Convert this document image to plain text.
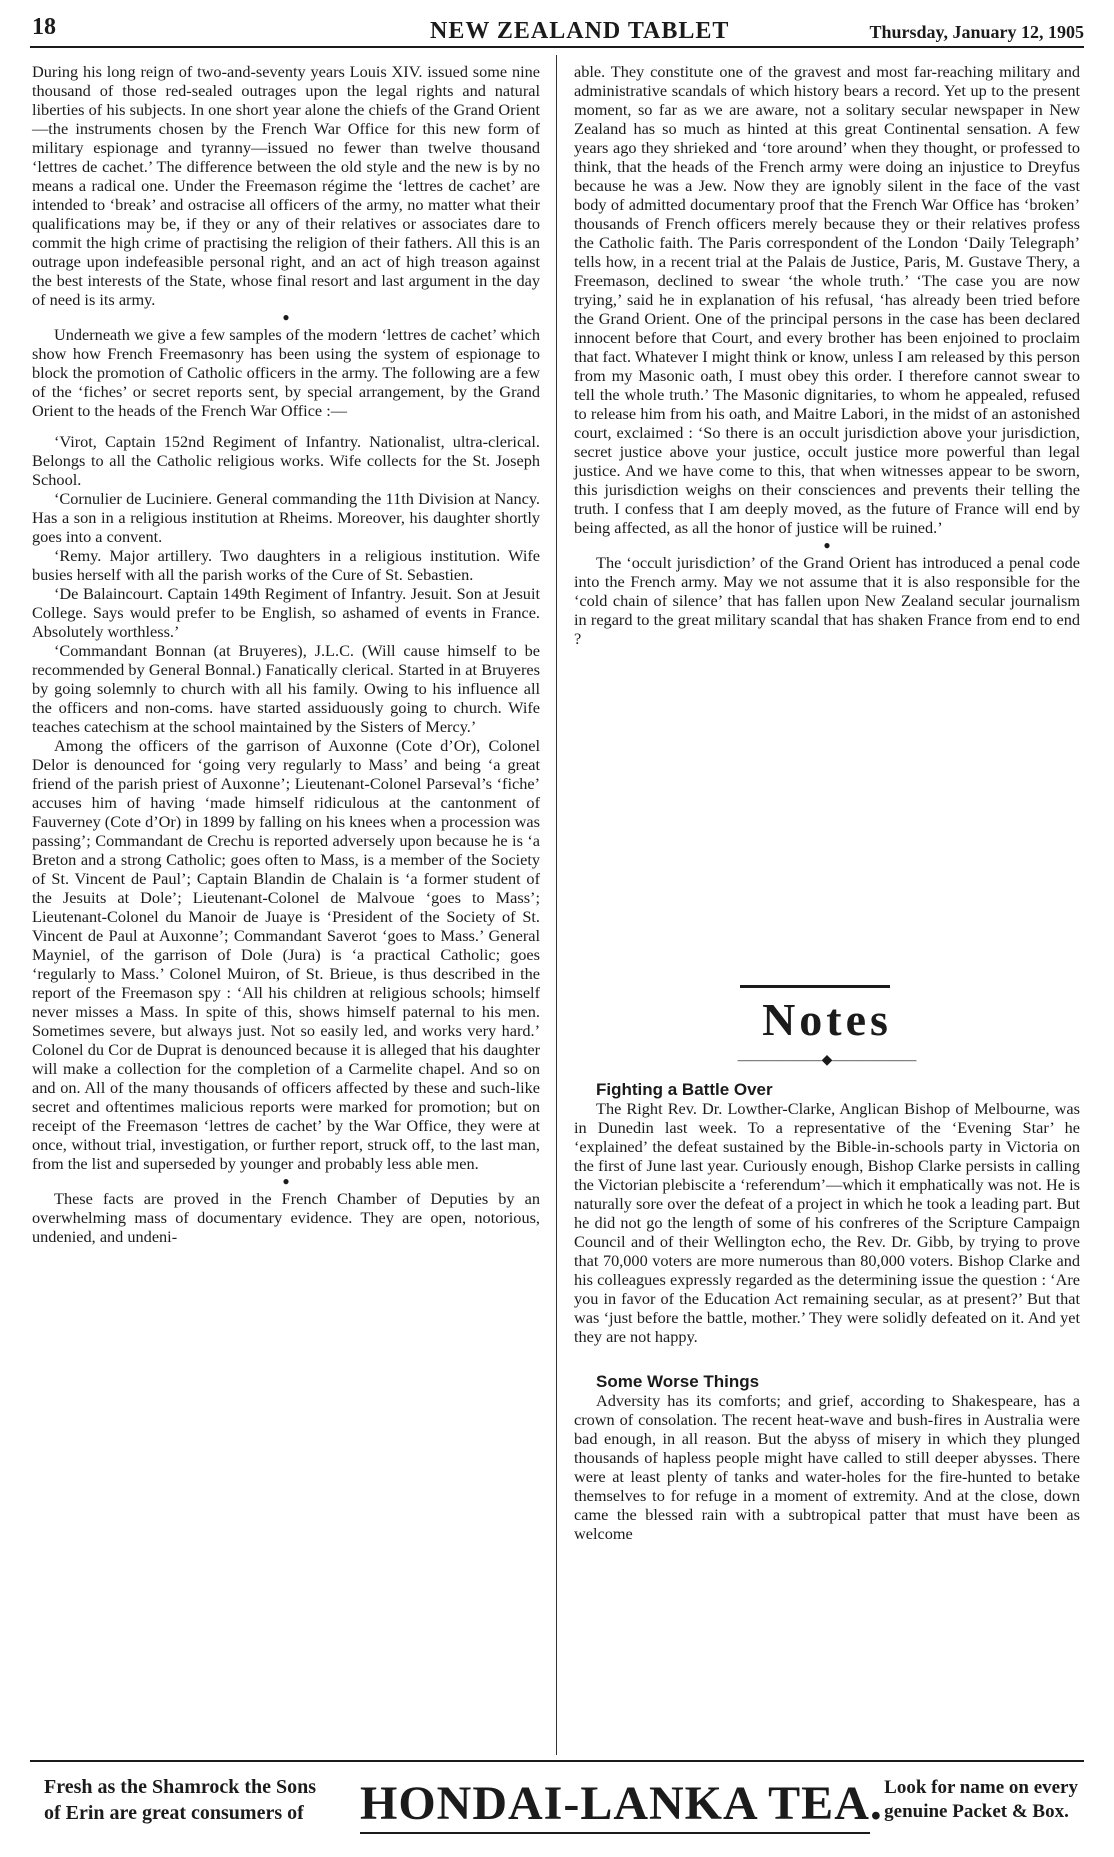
18	NEW ZEALAND TABLET	Thursday, January 12, 1905

During his long reign of two-and-seventy years Louis XIV. issued some nine thousand of those red-sealed outrages upon the legal rights and natural liberties of his subjects. In one short year alone the chiefs of the Grand Orient—the instruments chosen by the French War Office for this new form of military espionage and tyranny—issued no fewer than twelve thousand ‘lettres de cachet.’ The difference between the old style and the new is by no means a radical one. Under the Freemason régime the ‘lettres de cachet’ are intended to ‘break’ and ostracise all officers of the army, no matter what their qualifications may be, if they or any of their relatives or associates dare to commit the high crime of practising the religion of their fathers. All this is an outrage upon indefeasible personal right, and an act of high treason against the best interests of the State, whose final resort and last argument in the day of need is its army.

●

Underneath we give a few samples of the modern ‘lettres de cachet’ which show how French Freemasonry has been using the system of espionage to block the promotion of Catholic officers in the army. The following are a few of the ‘fiches’ or secret reports sent, by special arrangement, by the Grand Orient to the heads of the French War Office :—

‘Virot, Captain 152nd Regiment of Infantry. Nationalist, ultra-clerical. Belongs to all the Catholic religious works. Wife collects for the St. Joseph School.

‘Cornulier de Luciniere. General commanding the 11th Division at Nancy. Has a son in a religious institution at Rheims. Moreover, his daughter shortly goes into a convent.

‘Remy. Major artillery. Two daughters in a religious institution. Wife busies herself with all the parish works of the Cure of St. Sebastien.

‘De Balaincourt. Captain 149th Regiment of Infantry. Jesuit. Son at Jesuit College. Says would prefer to be English, so ashamed of events in France. Absolutely worthless.’

‘Commandant Bonnan (at Bruyeres), J.L.C. (Will cause himself to be recommended by General Bonnal.) Fanatically clerical. Started in at Bruyeres by going solemnly to church with all his family. Owing to his influence all the officers and non-coms. have started assiduously going to church. Wife teaches catechism at the school maintained by the Sisters of Mercy.’

Among the officers of the garrison of Auxonne (Cote d’Or), Colonel Delor is denounced for ‘going very regularly to Mass’ and being ‘a great friend of the parish priest of Auxonne’; Lieutenant-Colonel Parseval’s ‘fiche’ accuses him of having ‘made himself ridiculous at the cantonment of Fauverney (Cote d’Or) in 1899 by falling on his knees when a procession was passing’; Commandant de Crechu is reported adversely upon because he is ‘a Breton and a strong Catholic; goes often to Mass, is a member of the Society of St. Vincent de Paul’; Captain Blandin de Chalain is ‘a former student of the Jesuits at Dole’; Lieutenant-Colonel de Malvoue ‘goes to Mass’; Lieutenant-Colonel du Manoir de Juaye is ‘President of the Society of St. Vincent de Paul at Auxonne’; Commandant Saverot ‘goes to Mass.’ General Mayniel, of the garrison of Dole (Jura) is ‘a practical Catholic; goes ‘regularly to Mass.’ Colonel Muiron, of St. Brieue, is thus described in the report of the Freemason spy : ‘All his children at religious schools; himself never misses a Mass. In spite of this, shows himself paternal to his men. Sometimes severe, but always just. Not so easily led, and works very hard.’ Colonel du Cor de Duprat is denounced because it is alleged that his daughter will make a collection for the completion of a Carmelite chapel. And so on and on. All of the many thousands of officers affected by these and such-like secret and oftentimes malicious reports were marked for promotion; but on receipt of the Freemason ‘lettres de cachet’ by the War Office, they were at once, without trial, investigation, or further report, struck off, to the last man, from the list and superseded by younger and probably less able men.

●

These facts are proved in the French Chamber of Deputies by an overwhelming mass of documentary evidence. They are open, notorious, undenied, and undeni-

able. They constitute one of the gravest and most far-reaching military and administrative scandals of which history bears a record. Yet up to the present moment, so far as we are aware, not a solitary secular newspaper in New Zealand has so much as hinted at this great Continental sensation. A few years ago they shrieked and ‘tore around’ when they thought, or professed to think, that the heads of the French army were doing an injustice to Dreyfus because he was a Jew. Now they are ignobly silent in the face of the vast body of admitted documentary proof that the French War Office has ‘broken’ thousands of French officers merely because they or their relatives profess the Catholic faith. The Paris correspondent of the London ‘Daily Telegraph’ tells how, in a recent trial at the Palais de Justice, Paris, M. Gustave Thery, a Freemason, declined to swear ‘the whole truth.’ ‘The case you are now trying,’ said he in explanation of his refusal, ‘has already been tried before the Grand Orient. One of the principal persons in the case has been declared innocent before that Court, and every brother has been enjoined to proclaim that fact. Whatever I might think or know, unless I am released by this person from my Masonic oath, I must obey this order. I therefore cannot swear to tell the whole truth.’ The Masonic dignitaries, to whom he appealed, refused to release him from his oath, and Maitre Labori, in the midst of an astonished court, exclaimed : ‘So there is an occult jurisdiction above your jurisdiction, secret justice above your justice, occult justice more powerful than legal justice. And we have come to this, that when witnesses appear to be sworn, this jurisdiction weighs on their consciences and prevents their telling the truth. I confess that I am deeply moved, as the future of France will end by being affected, as all the honor of justice will be ruined.’

●

The ‘occult jurisdiction’ of the Grand Orient has introduced a penal code into the French army. May we not assume that it is also responsible for the ‘cold chain of silence’ that has fallen upon New Zealand secular journalism in regard to the great military scandal that has shaken France from end to end ?

Notes
——————◆——————

Fighting a Battle Over

The Right Rev. Dr. Lowther-Clarke, Anglican Bishop of Melbourne, was in Dunedin last week. To a representative of the ‘Evening Star’ he ‘explained’ the defeat sustained by the Bible-in-schools party in Victoria on the first of June last year. Curiously enough, Bishop Clarke persists in calling the Victorian plebiscite a ‘referendum’—which it emphatically was not. He is naturally sore over the defeat of a project in which he took a leading part. But he did not go the length of some of his confreres of the Scripture Campaign Council and of their Wellington echo, the Rev. Dr. Gibb, by trying to prove that 70,000 voters are more numerous than 80,000 voters. Bishop Clarke and his colleagues expressly regarded as the determining issue the question : ‘Are you in favor of the Education Act remaining secular, as at present?’ But that was ‘just before the battle, mother.’ They were solidly defeated on it. And yet they are not happy.

Some Worse Things

Adversity has its comforts; and grief, according to Shakespeare, has a crown of consolation. The recent heat-wave and bush-fires in Australia were bad enough, in all reason. But the abyss of misery in which they plunged thousands of hapless people might have called to still deeper abysses. There were at least plenty of tanks and water-holes for the fire-hunted to betake themselves to for refuge in a moment of extremity. And at the close, down came the blessed rain with a subtropical patter that must have been as welcome

Fresh as the Shamrock the Sons
of Erin are great consumers of HONDAI-LANKA TEA. Look for name on every
genuine Packet & Box.
